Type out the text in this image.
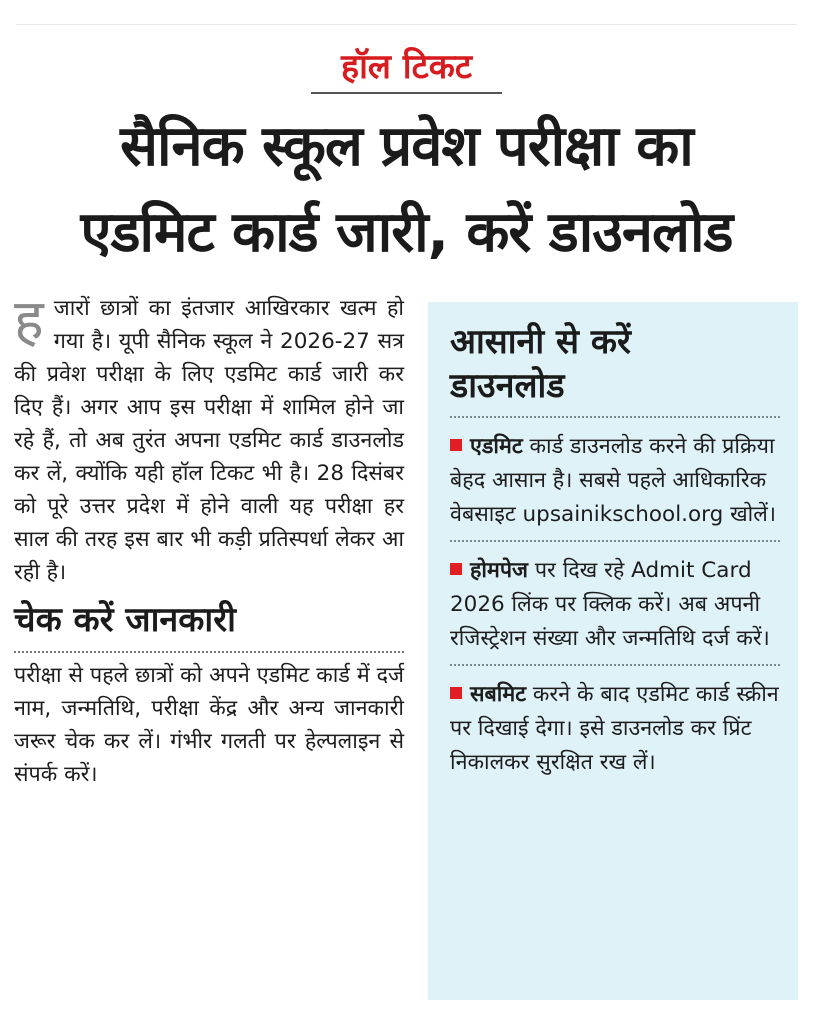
हॉल टिकट
सैनिक स्कूल प्रवेश परीक्षा का
एडमिट कार्ड जारी, करें डाउनलोड

हजारों छात्रों का इंतजार आखिरकार खत्म हो गया है। यूपी सैनिक स्कूल ने 2026-27 सत्र की प्रवेश परीक्षा के लिए एडमिट कार्ड जारी कर दिए हैं। अगर आप इस परीक्षा में शामिल होने जा रहे हैं, तो अब तुरंत अपना एडमिट कार्ड डाउनलोड कर लें, क्योंकि यही हॉल टिकट भी है। 28 दिसंबर को पूरे उत्तर प्रदेश में होने वाली यह परीक्षा हर साल की तरह इस बार भी कड़ी प्रतिस्पर्धा लेकर आ रही है।

चेक करें जानकारी

परीक्षा से पहले छात्रों को अपने एडमिट कार्ड में दर्ज नाम, जन्मतिथि, परीक्षा केंद्र और अन्य जानकारी जरूर चेक कर लें। गंभीर गलती पर हेल्पलाइन से संपर्क करें।

आसानी से करें
डाउनलोड
एडमिट कार्ड डाउनलोड करने की प्रक्रिया बेहद आसान है। सबसे पहले आधिकारिक वेबसाइट upsainikschool.org खोलें।
होमपेज पर दिख रहे Admit Card 2026 लिंक पर क्लिक करें। अब अपनी रजिस्ट्रेशन संख्या और जन्मतिथि दर्ज करें।
सबमिट करने के बाद एडमिट कार्ड स्क्रीन पर दिखाई देगा। इसे डाउनलोड कर प्रिंट निकालकर सुरक्षित रख लें।
